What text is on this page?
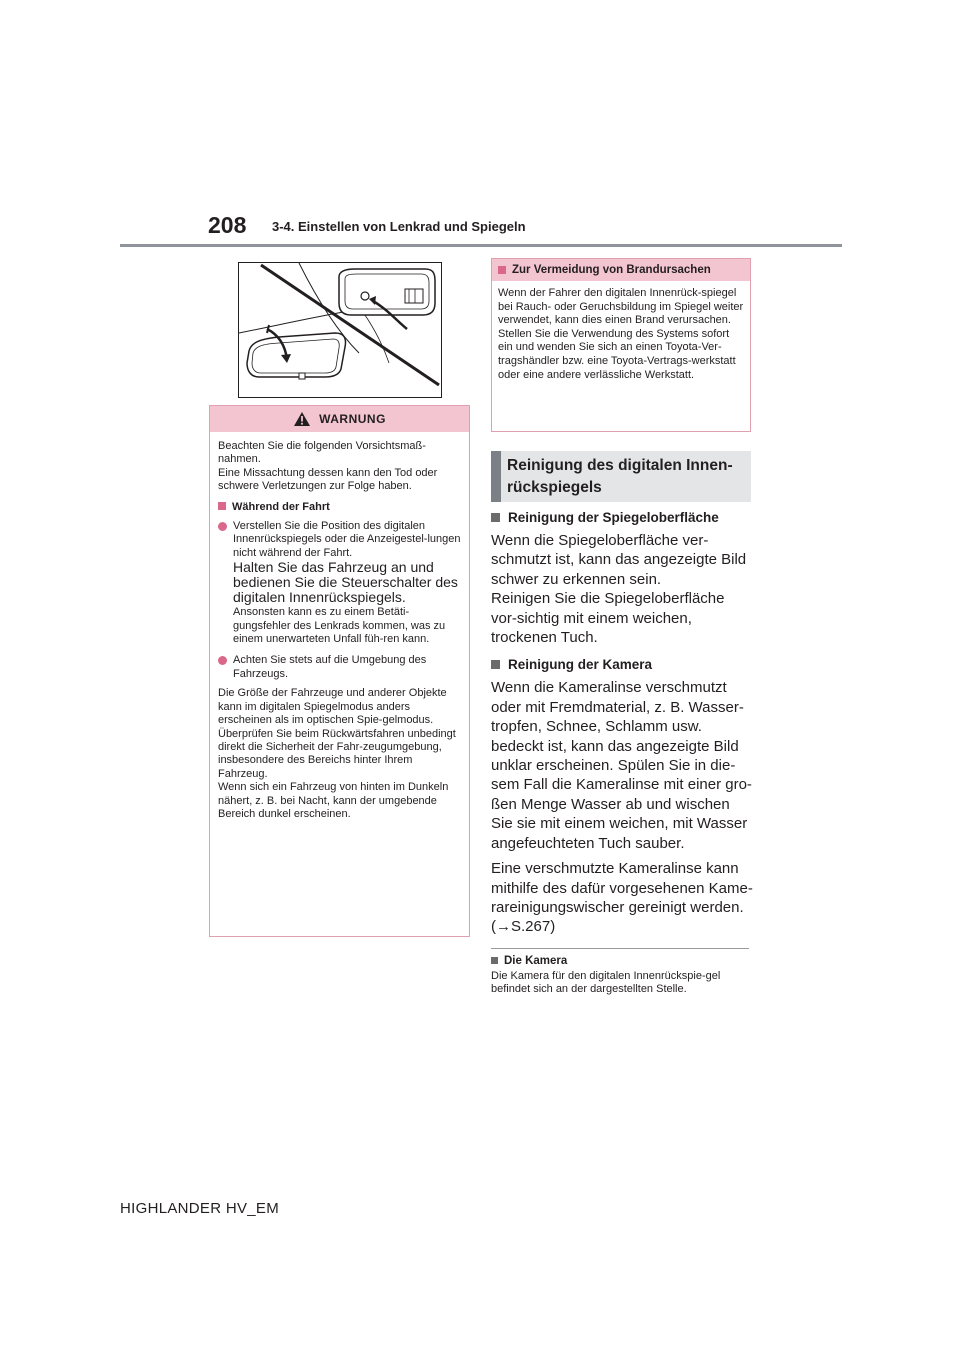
208 3-4. Einstellen von Lenkrad und Spiegeln
WARNUNG

Beachten Sie die folgenden Vorsichtsmaß-nahmen.

Eine Missachtung dessen kann den Tod oder schwere Verletzungen zur Folge haben.

Während der Fahrt
Verstellen Sie die Position des digitalen Innenrückspiegels oder die Anzeigestel-lungen nicht während der Fahrt.
Halten Sie das Fahrzeug an und bedienen Sie die Steuerschalter des digitalen Innenrückspiegels.
Ansonsten kann es zu einem Betäti-gungsfehler des Lenkrads kommen, was zu einem unerwarteten Unfall füh-ren kann.
Achten Sie stets auf die Umgebung des Fahrzeugs.

Die Größe der Fahrzeuge und anderer Objekte kann im digitalen Spiegelmodus anders erscheinen als im optischen Spie-gelmodus.

Überprüfen Sie beim Rückwärtsfahren unbedingt direkt die Sicherheit der Fahr-zeugumgebung, insbesondere des Bereichs hinter Ihrem Fahrzeug.

Wenn sich ein Fahrzeug von hinten im Dunkeln nähert, z. B. bei Nacht, kann der umgebende Bereich dunkel erscheinen.

Zur Vermeidung von Brandursachen
Wenn der Fahrer den digitalen Innenrück-spiegel bei Rauch- oder Geruchsbildung im Spiegel weiter verwendet, kann dies einen Brand verursachen. Stellen Sie die Verwendung des Systems sofort ein und wenden Sie sich an einen Toyota-Ver-tragshändler bzw. eine Toyota-Vertrags-werkstatt oder eine andere verlässliche Werkstatt.
Reinigung des digitalen Innen-
rückspiegels
Reinigung der Spiegeloberfläche
Wenn die Spiegeloberfläche ver-schmutzt ist, kann das angezeigte Bild schwer zu erkennen sein.
Reinigen Sie die Spiegeloberfläche vor-sichtig mit einem weichen, trockenen Tuch.
Reinigung der Kamera
Wenn die Kameralinse verschmutzt oder mit Fremdmaterial, z. B. Wasser-tropfen, Schnee, Schlamm usw. bedeckt ist, kann das angezeigte Bild unklar erscheinen. Spülen Sie in die-sem Fall die Kameralinse mit einer gro-ßen Menge Wasser ab und wischen Sie sie mit einem weichen, mit Wasser angefeuchteten Tuch sauber.
Eine verschmutzte Kameralinse kann mithilfe des dafür vorgesehenen Kame-rareinigungswischer gereinigt werden.
(→S.267)
Die Kamera
Die Kamera für den digitalen Innenrückspie-gel befindet sich an der dargestellten Stelle.
HIGHLANDER HV_EM
